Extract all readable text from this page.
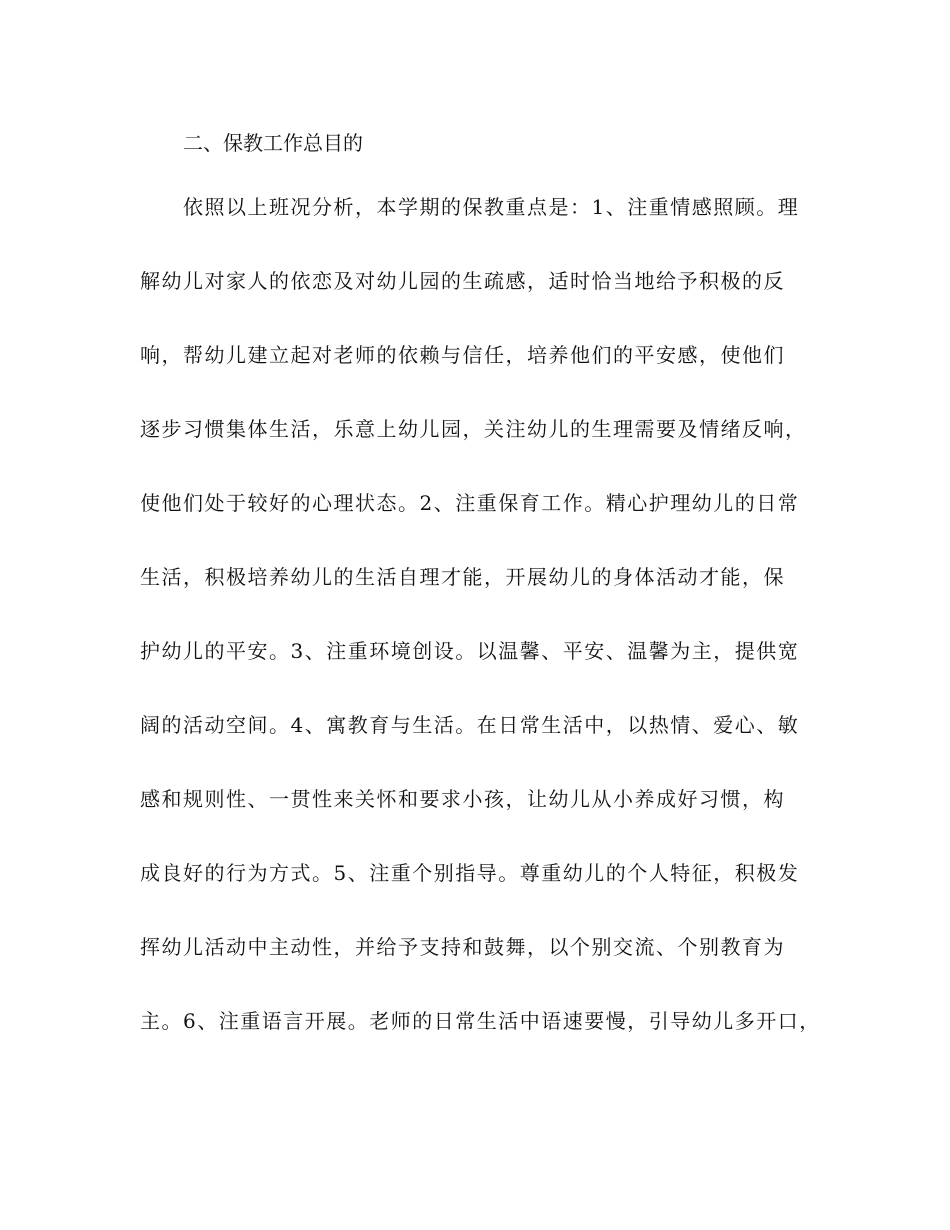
二、保教工作总目的
依照以上班况分析，本学期的保教重点是：1、注重情感照顾。理
解幼儿对家人的依恋及对幼儿园的生疏感，适时恰当地给予积极的反
响，帮幼儿建立起对老师的依赖与信任，培养他们的平安感，使他们
逐步习惯集体生活，乐意上幼儿园，关注幼儿的生理需要及情绪反响，
使他们处于较好的心理状态。2、注重保育工作。精心护理幼儿的日常
生活，积极培养幼儿的生活自理才能，开展幼儿的身体活动才能，保
护幼儿的平安。3、注重环境创设。以温馨、平安、温馨为主，提供宽
阔的活动空间。4、寓教育与生活。在日常生活中，以热情、爱心、敏
感和规则性、一贯性来关怀和要求小孩，让幼儿从小养成好习惯，构
成良好的行为方式。5、注重个别指导。尊重幼儿的个人特征，积极发
挥幼儿活动中主动性，并给予支持和鼓舞，以个别交流、个别教育为
主。6、注重语言开展。老师的日常生活中语速要慢，引导幼儿多开口，
